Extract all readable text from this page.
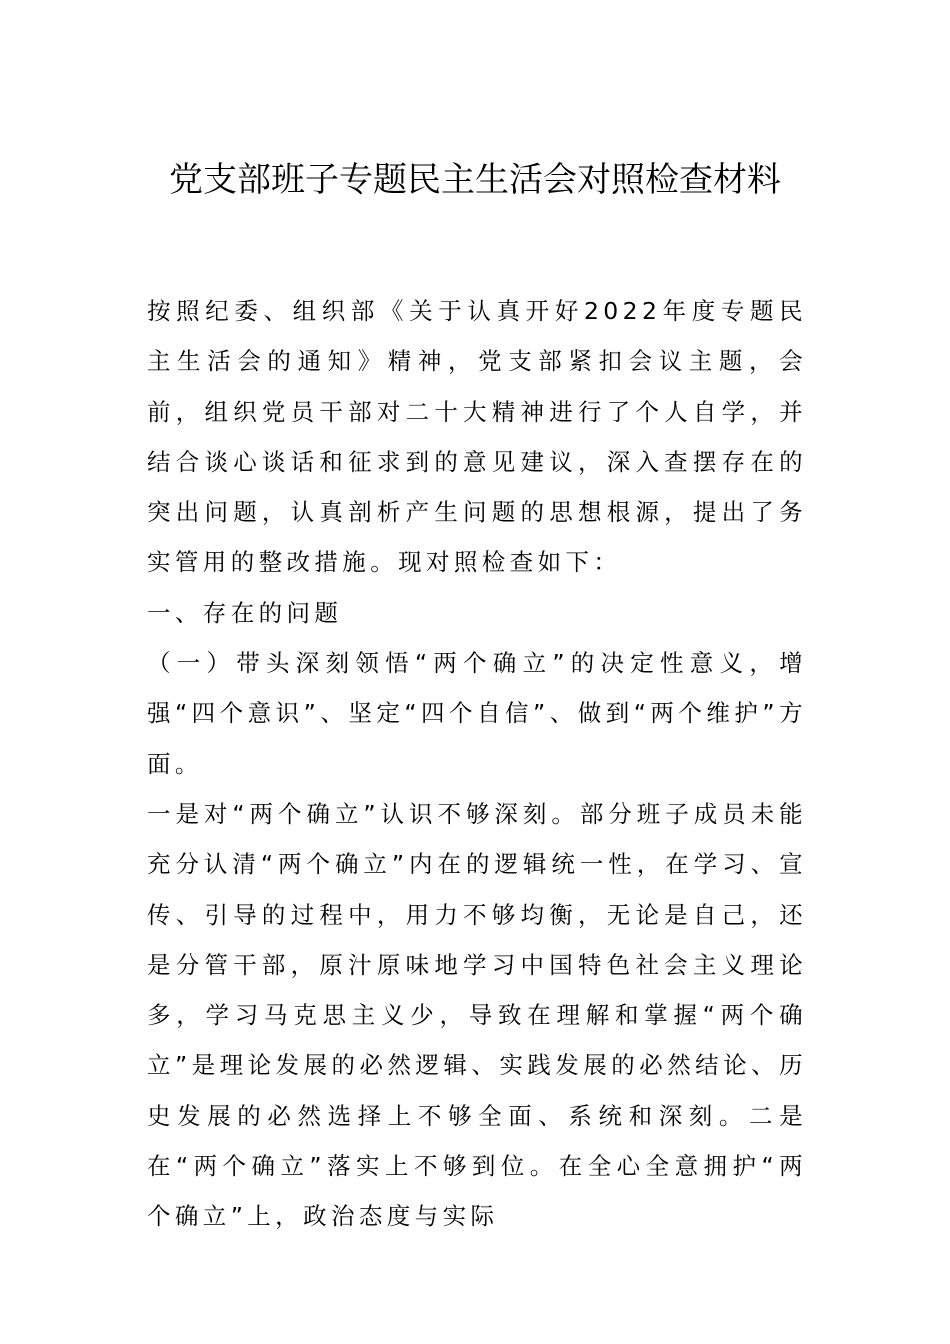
党支部班子专题民主生活会对照检查材料

按照纪委、组织部《关于认真开好2022年度专题民主生活会的通知》精神，党支部紧扣会议主题，会前，组织党员干部对二十大精神进行了个人自学，并结合谈心谈话和征求到的意见建议，深入查摆存在的突出问题，认真剖析产生问题的思想根源，提出了务实管用的整改措施。现对照检查如下：

一、存在的问题

（一）带头深刻领悟“两个确立”的决定性意义，增强“四个意识”、坚定“四个自信”、做到“两个维护”方面。

一是对“两个确立”认识不够深刻。部分班子成员未能充分认清“两个确立”内在的逻辑统一性，在学习、宣传、引导的过程中，用力不够均衡，无论是自己，还是分管干部，原汁原味地学习中国特色社会主义理论多，学习马克思主义少，导致在理解和掌握“两个确立”是理论发展的必然逻辑、实践发展的必然结论、历史发展的必然选择上不够全面、系统和深刻。二是在“两个确立”落实上不够到位。在全心全意拥护“两个确立”上，政治态度与实际
